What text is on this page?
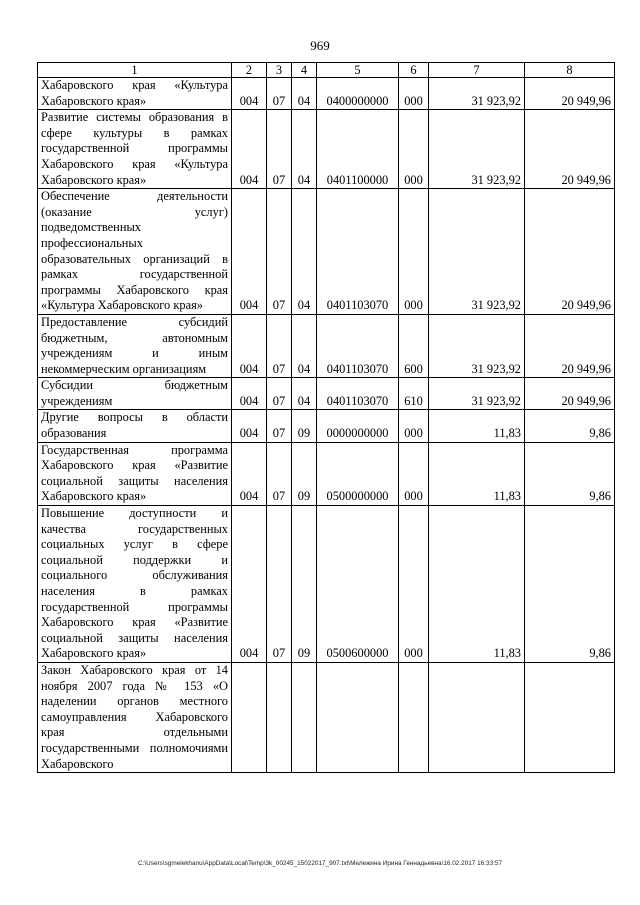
969
1	2	3	4	5	6	7	8
Хабаровского края «Культура Хабаровского края»	004	07	04	0400000000	000	31 923,92	20 949,96
Развитие системы образования в сфере культуры в рамках государственной программы Хабаровского края «Культура Хабаровского края»	004	07	04	0401100000	000	31 923,92	20 949,96
Обеспечение деятельности (оказание услуг) подведомственных профессиональных образовательных организаций в рамках государственной программы Хабаровского края «Культура Хабаровского края»	004	07	04	0401103070	000	31 923,92	20 949,96
Предоставление субсидий бюджетным, автономным учреждениям и иным некоммерческим организациям	004	07	04	0401103070	600	31 923,92	20 949,96
Субсидии бюджетным учреждениям	004	07	04	0401103070	610	31 923,92	20 949,96
Другие вопросы в области образования	004	07	09	0000000000	000	11,83	9,86
Государственная программа Хабаровского края «Развитие социальной защиты населения Хабаровского края»	004	07	09	0500000000	000	11,83	9,86
Повышение доступности и качества государственных социальных услуг в сфере социальной поддержки и социального обслуживания населения в рамках государственной программы Хабаровского края «Развитие социальной защиты населения Хабаровского края»	004	07	09	0500600000	000	11,83	9,86
Закон Хабаровского края от 14 ноября 2007 года № 153 «О наделении органов местного самоуправления Хабаровского края отдельными государственными полномочиями Хабаровского							
C:\Users\sgmelekhanu\AppData\Local\Temp\3k_00245_15022017_907.txt\Мележина Ирина Геннадьевна\16.02.2017 16:33:57
